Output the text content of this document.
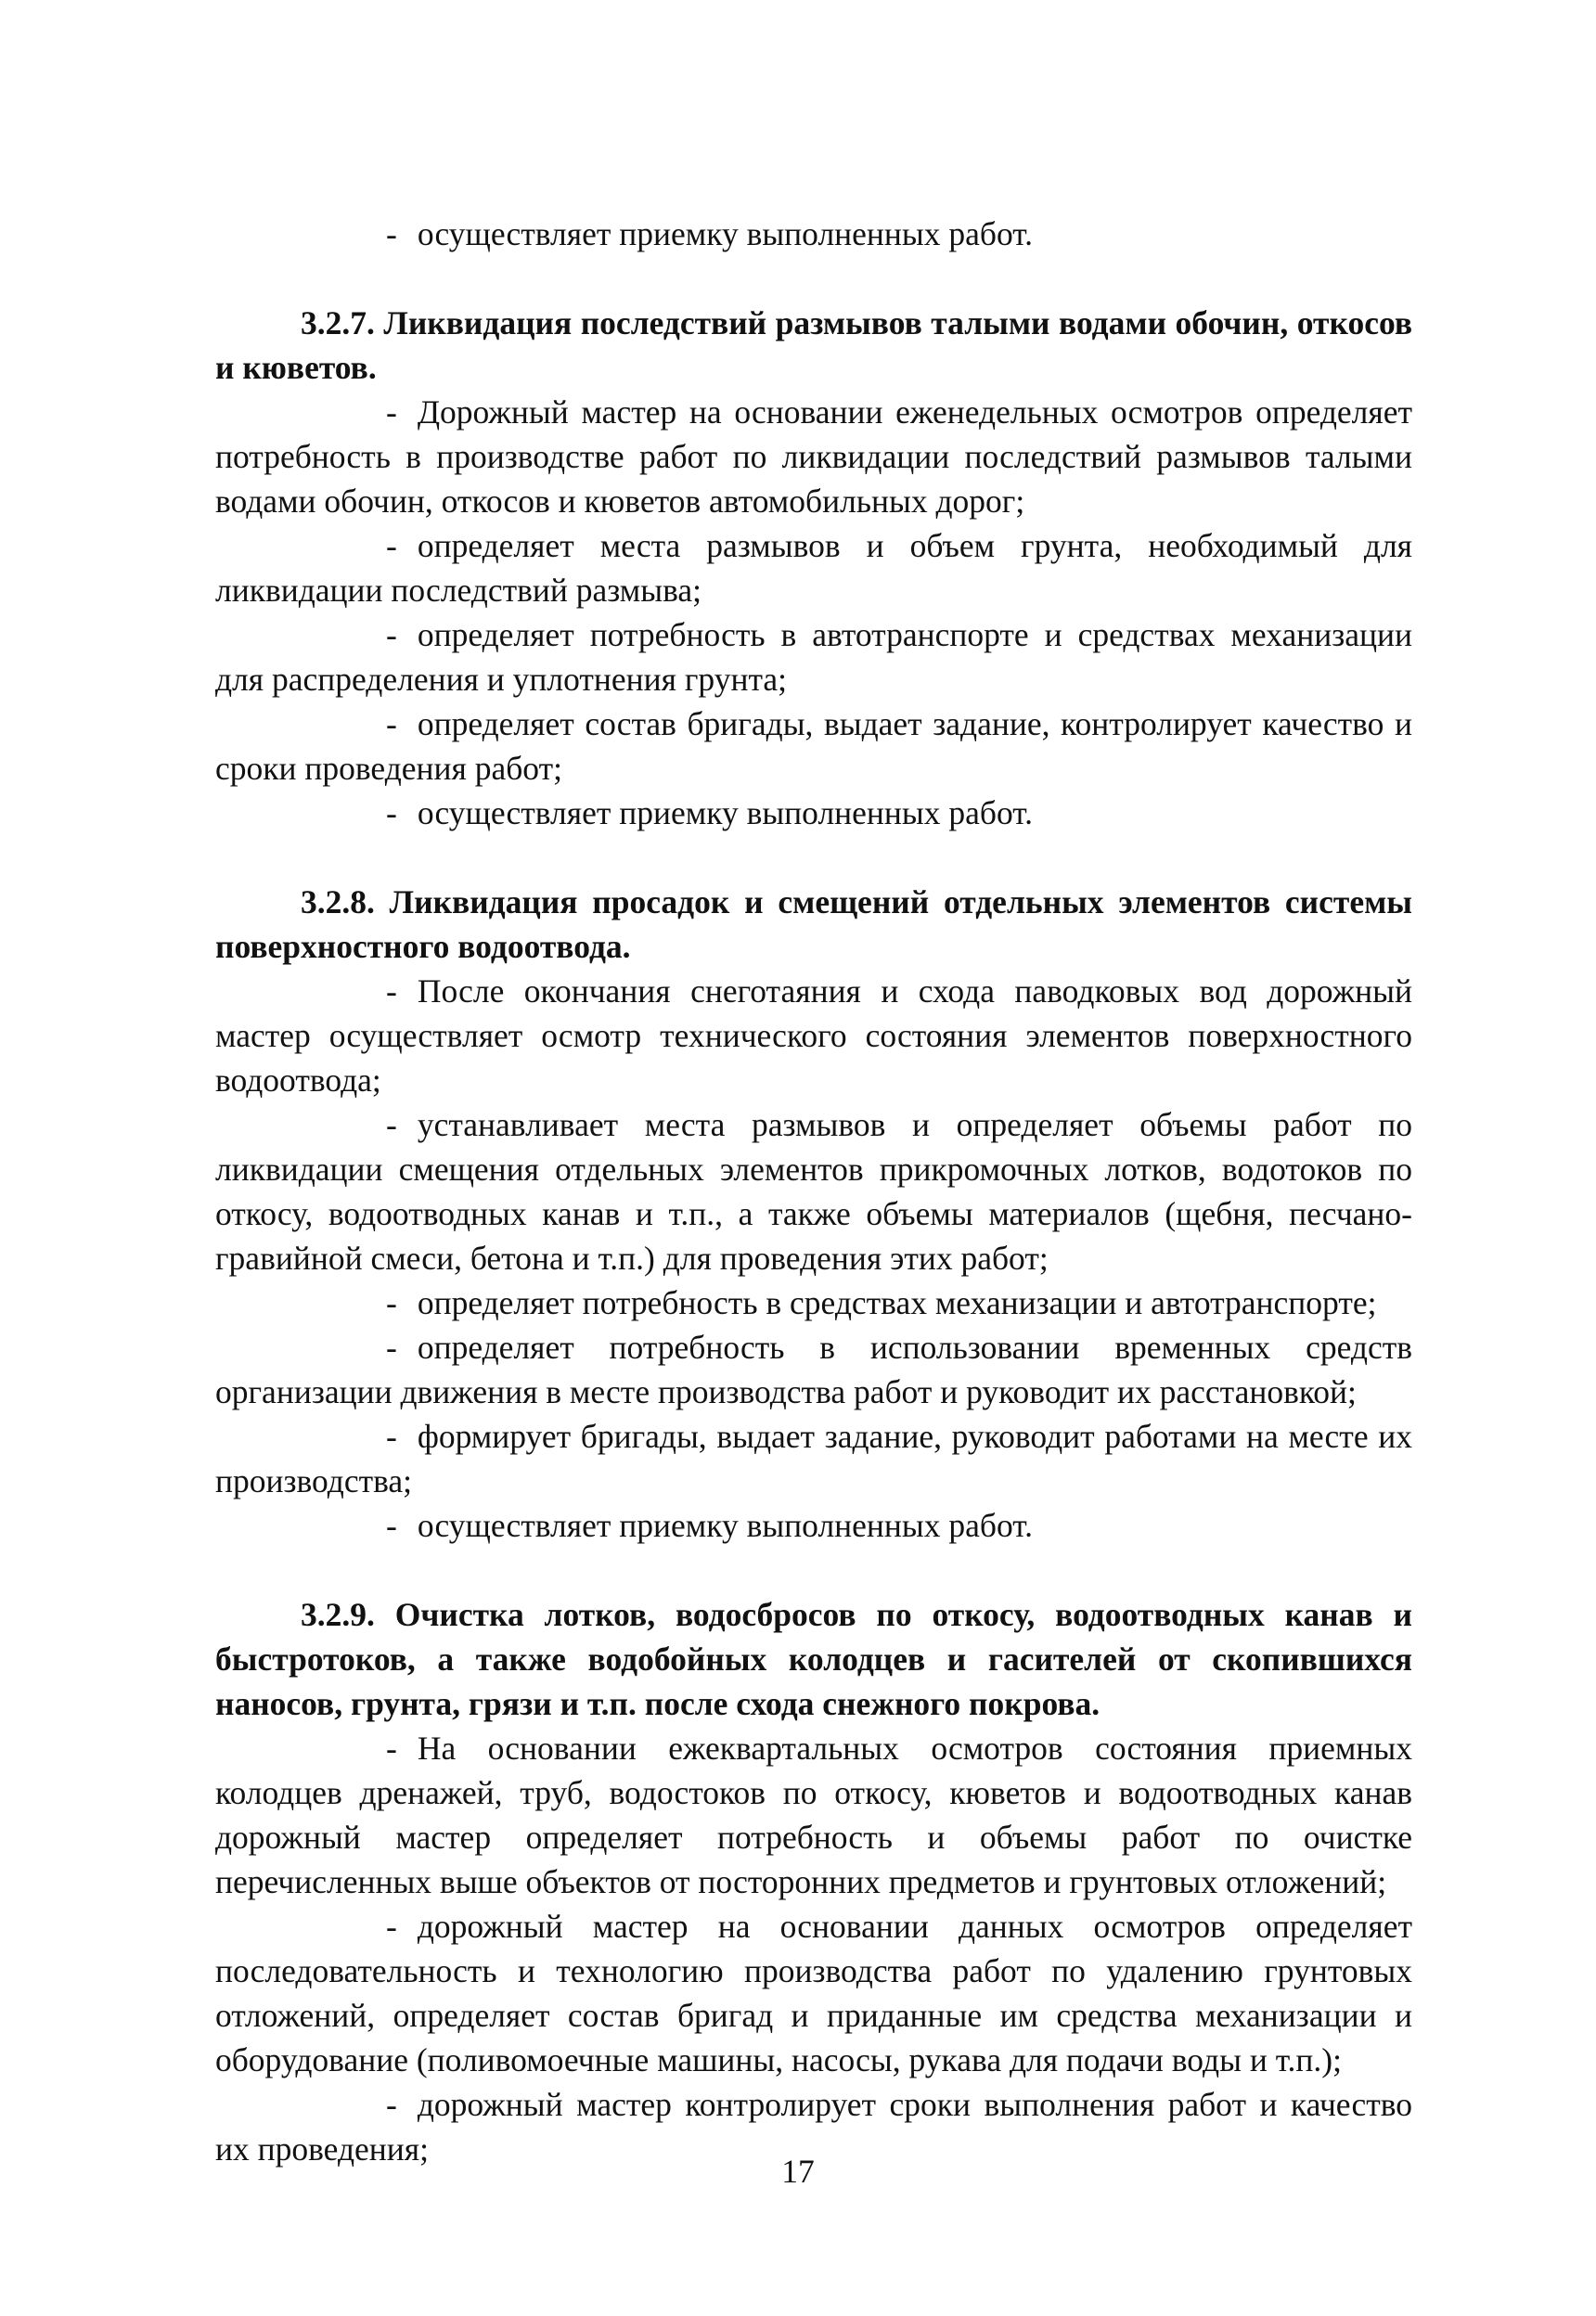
- осуществляет приемку выполненных работ.

3.2.7. Ликвидация последствий размывов талыми водами обочин, откосов и кюветов.

- Дорожный мастер на основании еженедельных осмотров определяет потребность в производстве работ по ликвидации последствий размывов талыми водами обочин, откосов и кюветов автомобильных дорог;

- определяет места размывов и объем грунта, необходимый для ликвидации последствий размыва;

- определяет потребность в автотранспорте и средствах механизации для распределения и уплотнения грунта;

- определяет состав бригады, выдает задание, контролирует качество и сроки проведения работ;

- осуществляет приемку выполненных работ.

3.2.8. Ликвидация просадок и смещений отдельных элементов системы поверхностного водоотвода.

- После окончания снеготаяния и схода паводковых вод дорожный мастер осуществляет осмотр технического состояния элементов поверхностного водоотвода;

- устанавливает места размывов и определяет объемы работ по ликвидации смещения отдельных элементов прикромочных лотков, водотоков по откосу, водоотводных канав и т.п., а также объемы материалов (щебня, песчано-гравийной смеси, бетона и т.п.) для проведения этих работ;

- определяет потребность в средствах механизации и автотранспорте;

- определяет потребность в использовании временных средств организации движения в месте производства работ и руководит их расстановкой;

- формирует бригады, выдает задание, руководит работами на месте их производства;

- осуществляет приемку выполненных работ.

3.2.9. Очистка лотков, водосбросов по откосу, водоотводных канав и быстротоков, а также водобойных колодцев и гасителей от скопившихся наносов, грунта, грязи и т.п. после схода снежного покрова.

- На основании ежеквартальных осмотров состояния приемных колодцев дренажей, труб, водостоков по откосу, кюветов и водоотводных канав дорожный мастер определяет потребность и объемы работ по очистке перечисленных выше объектов от посторонних предметов и грунтовых отложений;

- дорожный мастер на основании данных осмотров определяет последовательность и технологию производства работ по удалению грунтовых отложений, определяет состав бригад и приданные им средства механизации и оборудование (поливомоечные машины, насосы, рукава для подачи воды и т.п.);

- дорожный мастер контролирует сроки выполнения работ и качество их проведения;

17
